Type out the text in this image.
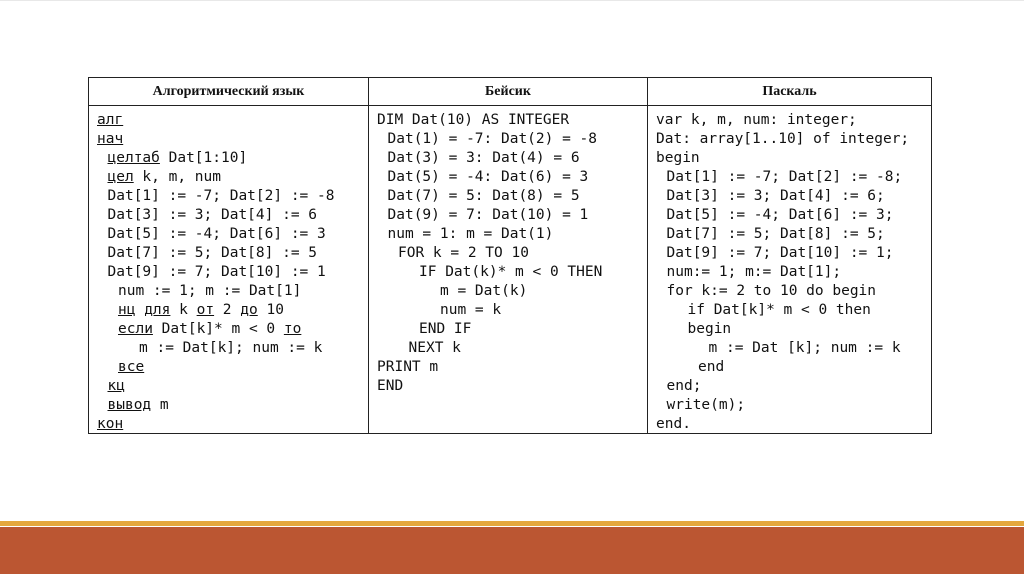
Алгоритмический язык	Бейсик	Паскаль
алг
нач
целтаб Dat[1:10]
цел k, m, num
Dat[1] := -7; Dat[2] := -8
Dat[3] := 3; Dat[4] := 6
Dat[5] := -4; Dat[6] := 3
Dat[7] := 5; Dat[8] := 5
Dat[9] := 7; Dat[10] := 1
num := 1; m := Dat[1]
нц для k от 2 до 10
если Dat[k]* m < 0 то
m := Dat[k]; num := k
все
кц
вывод m
кон
DIM Dat(10) AS INTEGER
Dat(1) = -7: Dat(2) = -8
Dat(3) = 3: Dat(4) = 6
Dat(5) = -4: Dat(6) = 3
Dat(7) = 5: Dat(8) = 5
Dat(9) = 7: Dat(10) = 1
num = 1: m = Dat(1)
FOR k = 2 TO 10
IF Dat(k)* m < 0 THEN
m = Dat(k)
num = k
END IF
NEXT k
PRINT m
END
var k, m, num: integer;
Dat: array[1..10] of integer;
begin
Dat[1] := -7; Dat[2] := -8;
Dat[3] := 3; Dat[4] := 6;
Dat[5] := -4; Dat[6] := 3;
Dat[7] := 5; Dat[8] := 5;
Dat[9] := 7; Dat[10] := 1;
num:= 1; m:= Dat[1];
for k:= 2 to 10 do begin
if Dat[k]* m < 0 then
begin
m := Dat [k]; num := k
end
end;
write(m);
end.
